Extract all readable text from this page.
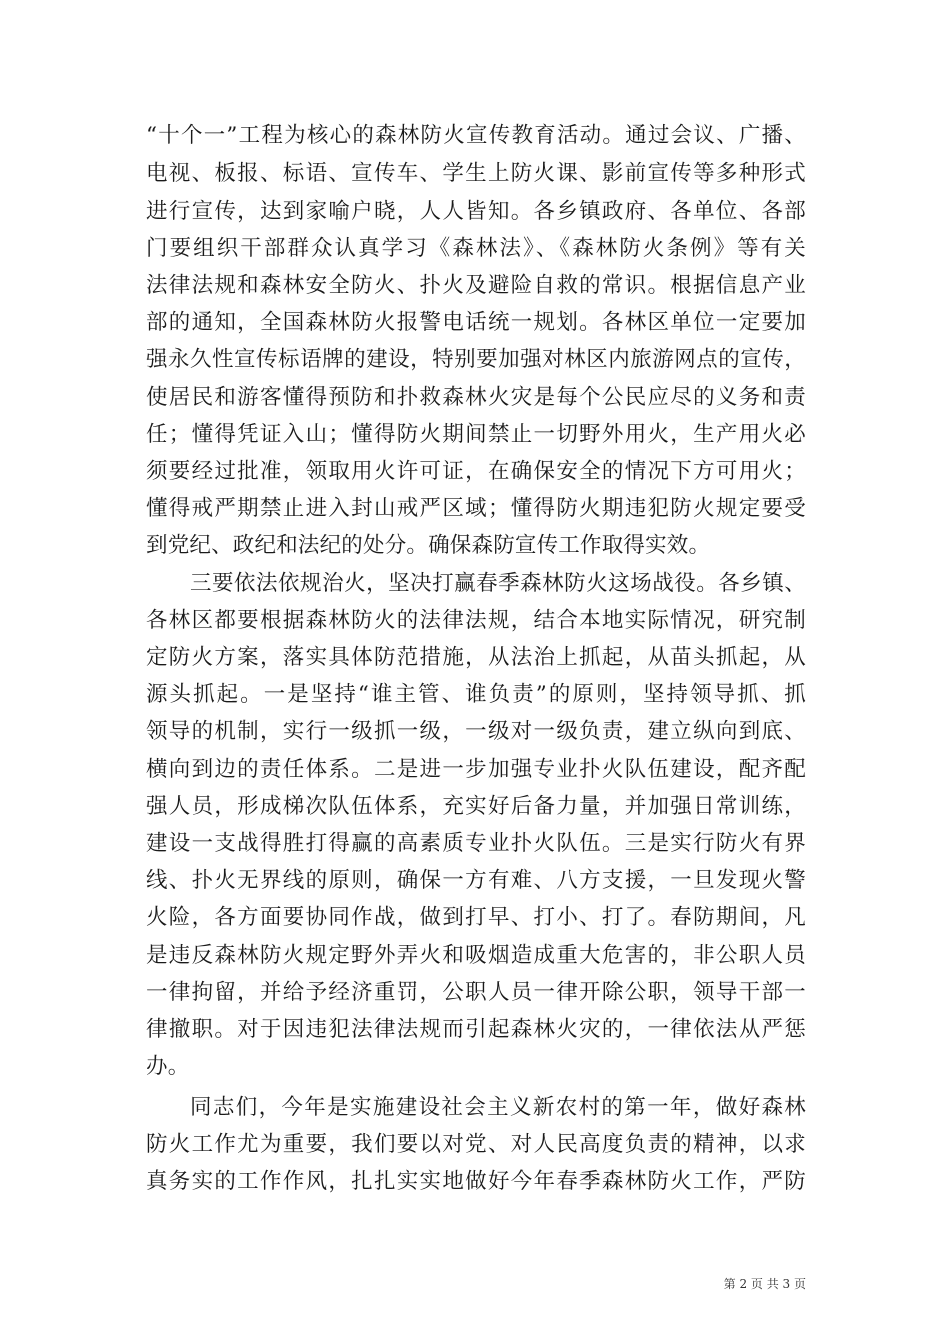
“十个一”工程为核心的森林防火宣传教育活动。通过会议、广播、
电视、板报、标语、宣传车、学生上防火课、影前宣传等多种形式
进行宣传，达到家喻户晓，人人皆知。各乡镇政府、各单位、各部
门要组织干部群众认真学习《森林法》、《森林防火条例》等有关
法律法规和森林安全防火、扑火及避险自救的常识。根据信息产业
部的通知，全国森林防火报警电话统一规划。各林区单位一定要加
强永久性宣传标语牌的建设，特别要加强对林区内旅游网点的宣传，
使居民和游客懂得预防和扑救森林火灾是每个公民应尽的义务和责
任；懂得凭证入山；懂得防火期间禁止一切野外用火，生产用火必
须要经过批准，领取用火许可证，在确保安全的情况下方可用火；
懂得戒严期禁止进入封山戒严区域；懂得防火期违犯防火规定要受
到党纪、政纪和法纪的处分。确保森防宣传工作取得实效。
三要依法依规治火，坚决打赢春季森林防火这场战役。各乡镇、
各林区都要根据森林防火的法律法规，结合本地实际情况，研究制
定防火方案，落实具体防范措施，从法治上抓起，从苗头抓起，从
源头抓起。一是坚持“谁主管、谁负责”的原则，坚持领导抓、抓
领导的机制，实行一级抓一级，一级对一级负责，建立纵向到底、
横向到边的责任体系。二是进一步加强专业扑火队伍建设，配齐配
强人员，形成梯次队伍体系，充实好后备力量，并加强日常训练，
建设一支战得胜打得赢的高素质专业扑火队伍。三是实行防火有界
线、扑火无界线的原则，确保一方有难、八方支援，一旦发现火警
火险，各方面要协同作战，做到打早、打小、打了。春防期间，凡
是违反森林防火规定野外弄火和吸烟造成重大危害的，非公职人员
一律拘留，并给予经济重罚，公职人员一律开除公职，领导干部一
律撤职。对于因违犯法律法规而引起森林火灾的，一律依法从严惩
办。
同志们，今年是实施建设社会主义新农村的第一年，做好森林
防火工作尤为重要，我们要以对党、对人民高度负责的精神，以求
真务实的工作作风，扎扎实实地做好今年春季森林防火工作，严防
第 2 页 共 3 页
